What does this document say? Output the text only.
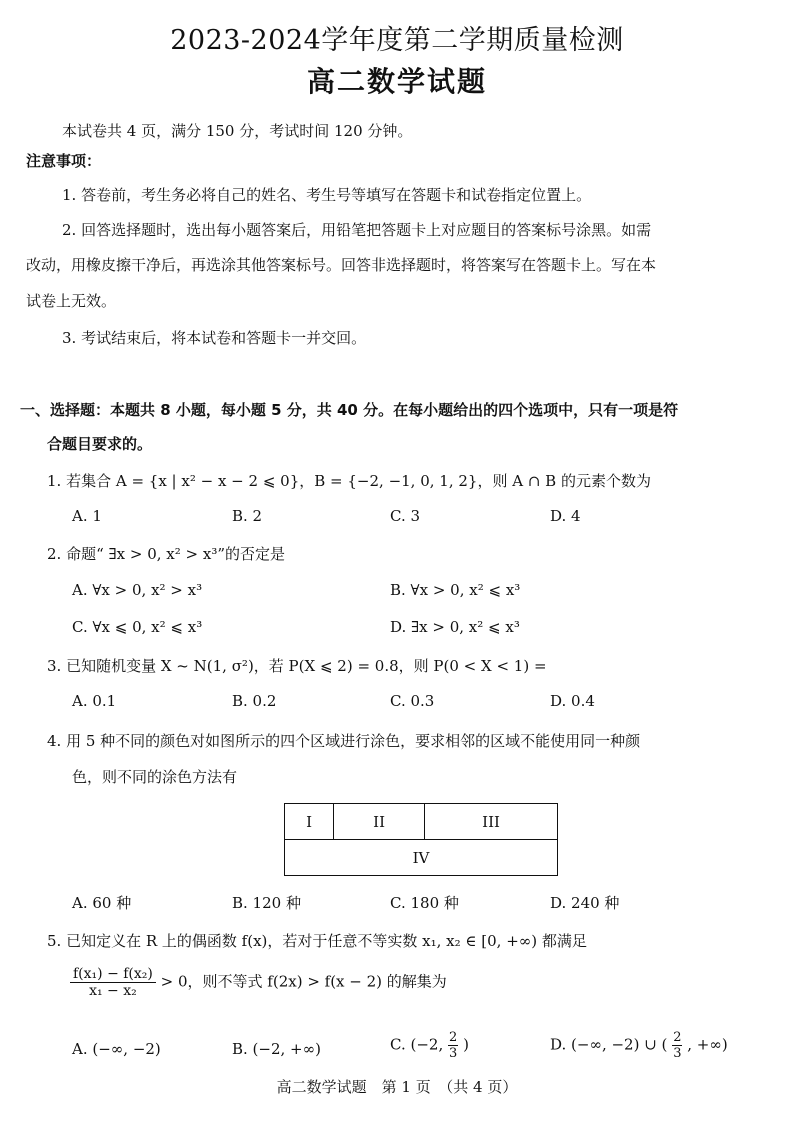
2023-2024学年度第二学期质量检测
高二数学试题
本试卷共 4 页，满分 150 分，考试时间 120 分钟。
注意事项：
1. 答卷前，考生务必将自己的姓名、考生号等填写在答题卡和试卷指定位置上。
2. 回答选择题时，选出每小题答案后，用铅笔把答题卡上对应题目的答案标号涂黑。如需
改动，用橡皮擦干净后，再选涂其他答案标号。回答非选择题时，将答案写在答题卡上。写在本
试卷上无效。
3. 考试结束后，将本试卷和答题卡一并交回。
一、选择题：本题共 8 小题，每小题 5 分，共 40 分。在每小题给出的四个选项中，只有一项是符
合题目要求的。
1. 若集合 A = {x | x² − x − 2 ⩽ 0}，B = {−2, −1, 0, 1, 2}，则 A ∩ B 的元素个数为
A. 1	B. 2	C. 3	D. 4
2. 命题“ ∃x > 0, x² > x³”的否定是
A. ∀x > 0, x² > x³	B. ∀x > 0, x² ⩽ x³
C. ∀x ⩽ 0, x² ⩽ x³	D. ∃x > 0, x² ⩽ x³
3. 已知随机变量 X ~ N(1, σ²)，若 P(X ⩽ 2) = 0.8，则 P(0 < X < 1) =
A. 0.1	B. 0.2	C. 0.3	D. 0.4
4. 用 5 种不同的颜色对如图所示的四个区域进行涂色，要求相邻的区域不能使用同一种颜
色，则不同的涂色方法有
I	II	III
IV
A. 60 种	B. 120 种	C. 180 种	D. 240 种
5. 已知定义在 R 上的偶函数 f(x)，若对于任意不等实数 x₁, x₂ ∈ [0, +∞) 都满足
$\frac{\text{f(x₁) − f(x₂)}}{\text{x₁ − x₂}} > 0$，则不等式 f(2x) > f(x − 2) 的解集为
A. (−∞, −2)	B. (−2, +∞)	C. (−2, $\frac{2}{3}$ )	D. (−∞, −2) ∪ ( $\frac{2}{3}$ , +∞)
高二数学试题　第 1 页　（共 4 页）
